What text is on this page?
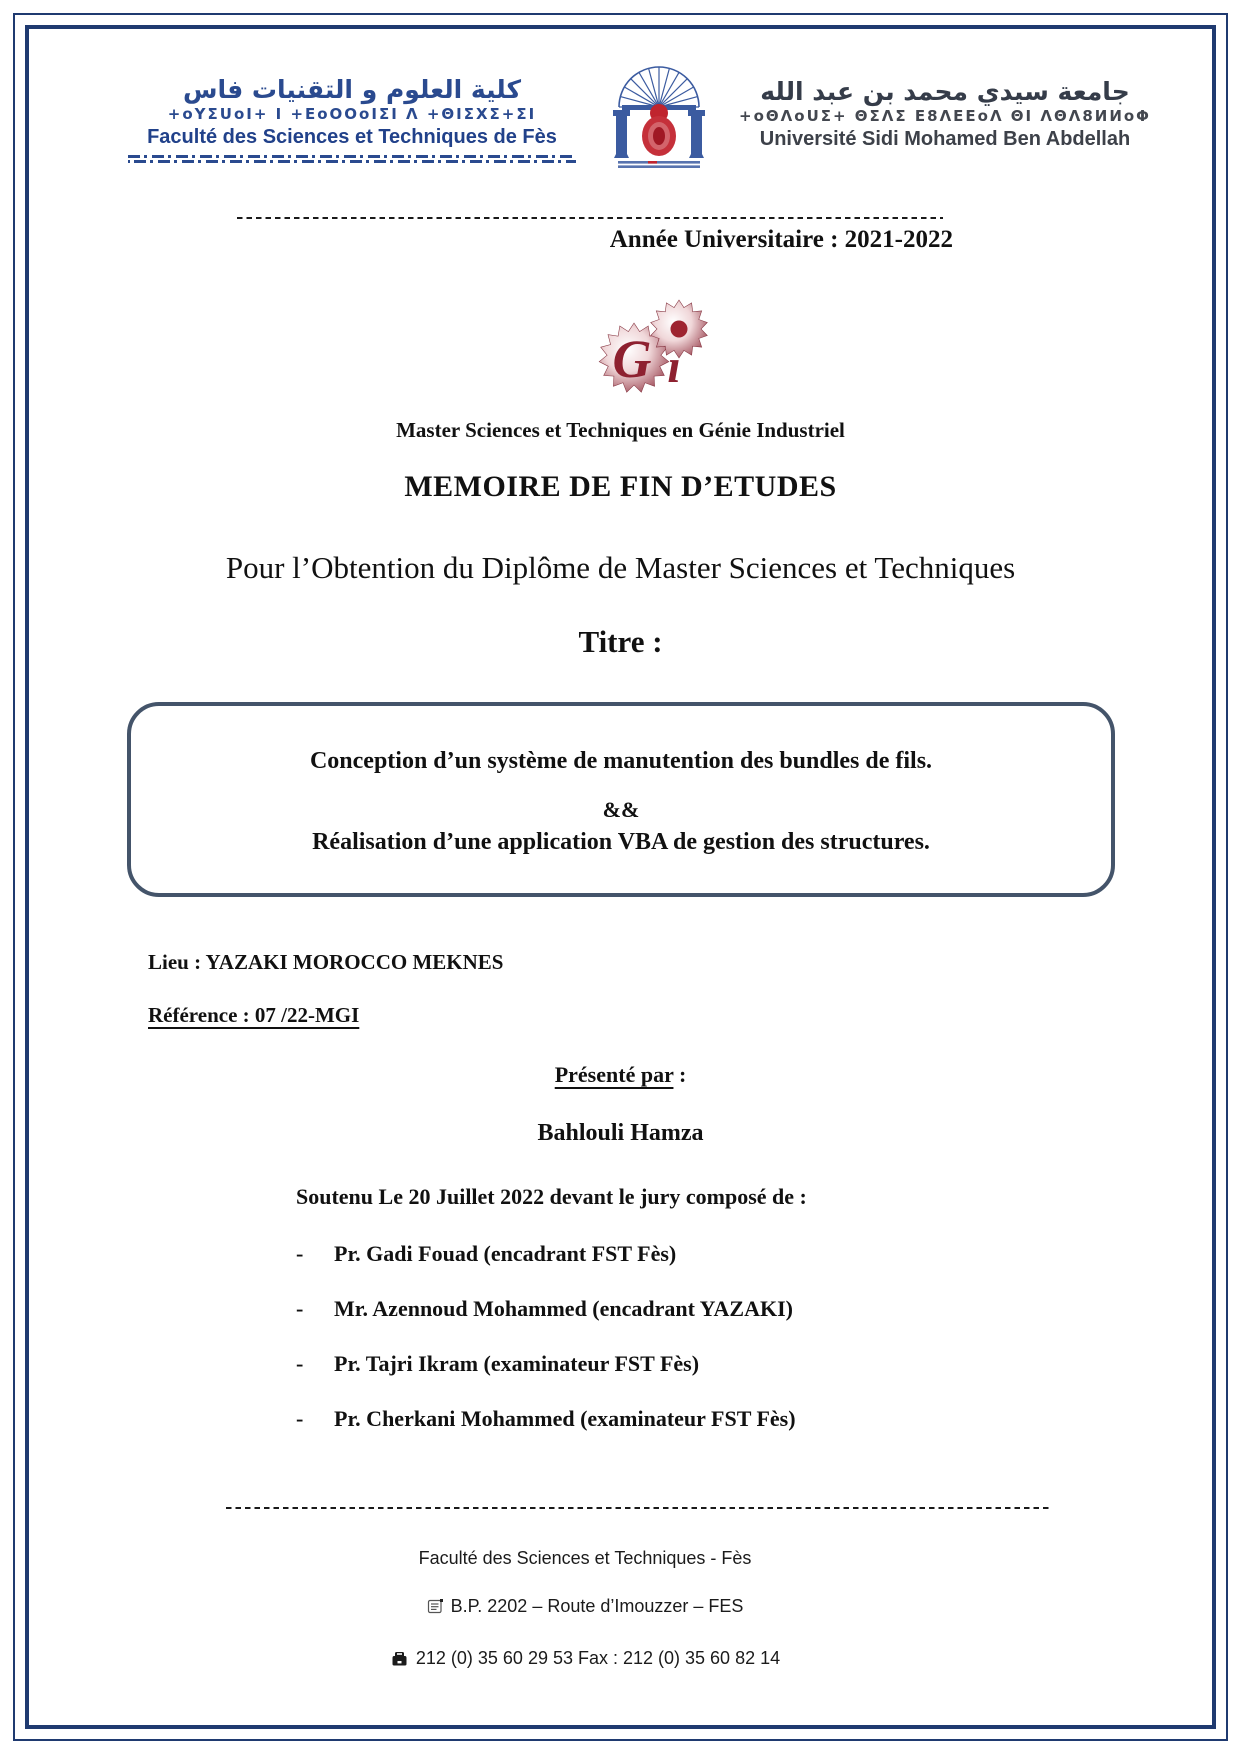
كلية العلوم و التقنيات فاس
+oYΣUoI+ I +EoOOoIΣI Λ +ΘIΣXΣ+ΣI
Faculté des Sciences et Techniques de Fès
جامعة سيدي محمد بن عبد الله
+oΘΛoUΣ+ ΘΣΛΣ E8ΛEEoΛ ΘI ΛΘΛ8ИИoΦ
Université Sidi Mohamed Ben Abdellah
Année Universitaire : 2021-2022
G ı
Master Sciences et Techniques en Génie Industriel
MEMOIRE DE FIN D’ETUDES
Pour l’Obtention du Diplôme de Master Sciences et Techniques
Titre :
Conception d’un système de manutention des bundles de fils.
&&
Réalisation d’une application VBA de gestion des structures.
Lieu : YAZAKI MOROCCO MEKNES
Référence : 07 /22-MGI
Présenté par :
Bahlouli Hamza
Soutenu Le 20 Juillet 2022 devant le jury composé de :
-	Pr. Gadi Fouad (encadrant FST Fès)
-	Mr. Azennoud Mohammed (encadrant YAZAKI)
-	Pr. Tajri Ikram (examinateur FST Fès)
-	Pr. Cherkani Mohammed (examinateur FST Fès)
Faculté des Sciences et Techniques - Fès
B.P. 2202 – Route d’Imouzzer – FES
212 (0) 35 60 29 53 Fax : 212 (0) 35 60 82 14
